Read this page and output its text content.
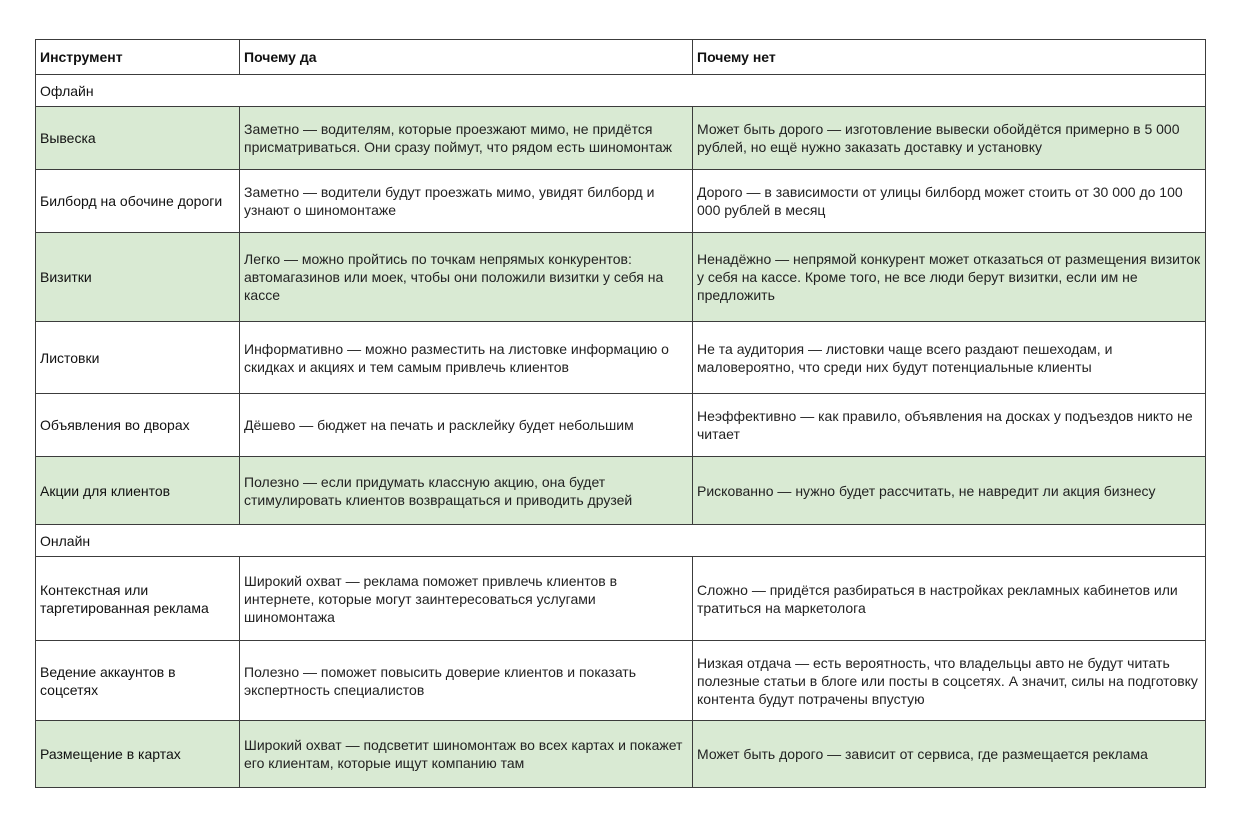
Инструмент	Почему да	Почему нет
Офлайн		
Вывеска	Заметно — водителям, которые проезжают мимо, не придётся присматриваться. Они сразу поймут, что рядом есть шиномонтаж	Может быть дорого — изготовление вывески обойдётся примерно в 5 000 рублей, но ещё нужно заказать доставку и установку
Билборд на обочине дороги	Заметно — водители будут проезжать мимо, увидят билборд и узнают о шиномонтаже	Дорого — в зависимости от улицы билборд может стоить от 30 000 до 100 000 рублей в месяц
Визитки	Легко — можно пройтись по точкам непрямых конкурентов: автомагазинов или моек, чтобы они положили визитки у себя на кассе	Ненадёжно — непрямой конкурент может отказаться от размещения визиток у себя на кассе. Кроме того, не все люди берут визитки, если им не предложить
Листовки	Информативно — можно разместить на листовке информацию о скидках и акциях и тем самым привлечь клиентов	Не та аудитория — листовки чаще всего раздают пешеходам, и маловероятно, что среди них будут потенциальные клиенты
Объявления во дворах	Дёшево — бюджет на печать и расклейку будет небольшим	Неэффективно — как правило, объявления на досках у подъездов никто не читает
Акции для клиентов	Полезно — если придумать классную акцию, она будет стимулировать клиентов возвращаться и приводить друзей	Рискованно — нужно будет рассчитать, не навредит ли акция бизнесу
Онлайн		
Контекстная или таргетированная реклама	Широкий охват — реклама поможет привлечь клиентов в интернете, которые могут заинтересоваться услугами шиномонтажа	Сложно — придётся разбираться в настройках рекламных кабинетов или тратиться на маркетолога
Ведение аккаунтов в соцсетях	Полезно — поможет повысить доверие клиентов и показать экспертность специалистов	Низкая отдача — есть вероятность, что владельцы авто не будут читать полезные статьи в блоге или посты в соцсетях. А значит, силы на подготовку контента будут потрачены впустую
Размещение в картах	Широкий охват — подсветит шиномонтаж во всех картах и покажет его клиентам, которые ищут компанию там	Может быть дорого — зависит от сервиса, где размещается реклама
